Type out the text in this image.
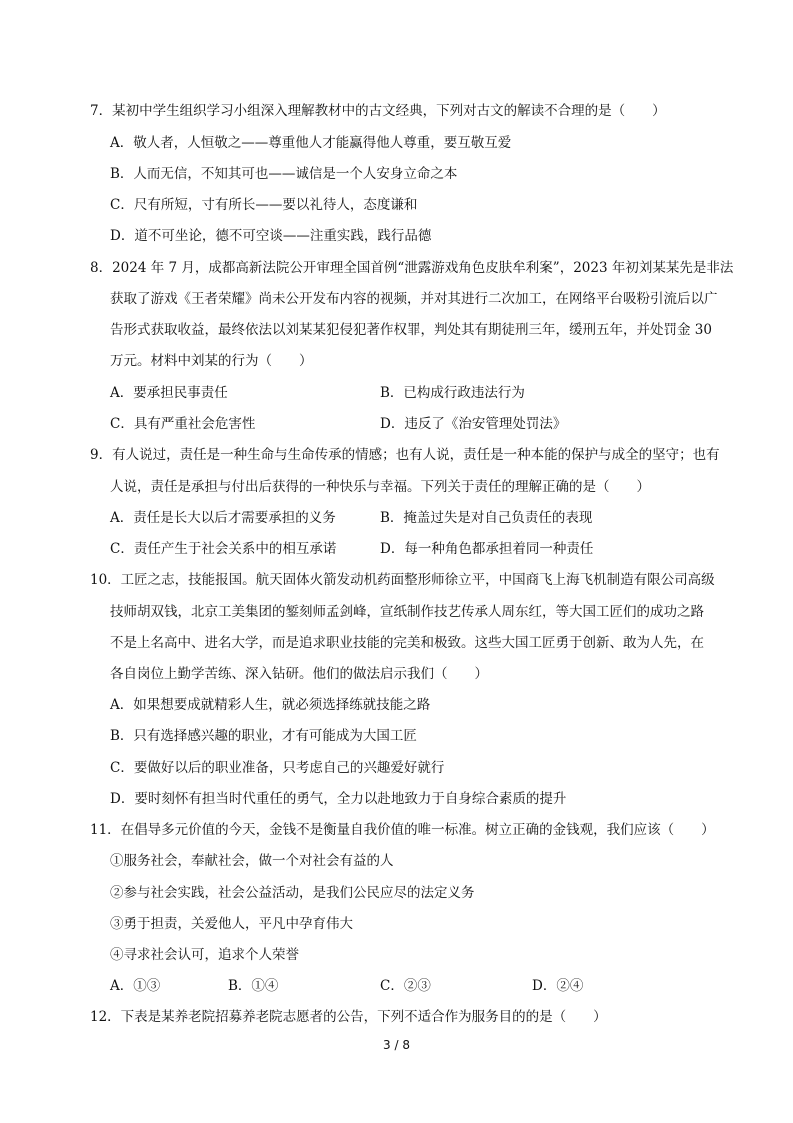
7．某初中学生组织学习小组深入理解教材中的古文经典，下列对古文的解读不合理的是（　　）
A．敬人者，人恒敬之——尊重他人才能赢得他人尊重，要互敬互爱
B．人而无信，不知其可也——诚信是一个人安身立命之本
C．尺有所短，寸有所长——要以礼待人，态度谦和
D．道不可坐论，德不可空谈——注重实践，践行品德
8．2024 年 7 月，成都高新法院公开审理全国首例“泄露游戏角色皮肤牟利案”，2023 年初刘某某先是非法
获取了游戏《王者荣耀》尚未公开发布内容的视频，并对其进行二次加工，在网络平台吸粉引流后以广
告形式获取收益，最终依法以刘某某犯侵犯著作权罪，判处其有期徒刑三年，缓刑五年，并处罚金 30
万元。材料中刘某的行为（　　）
A．要承担民事责任	B．已构成行政违法行为
C．具有严重社会危害性	D．违反了《治安管理处罚法》
9．有人说过，责任是一种生命与生命传承的情感；也有人说，责任是一种本能的保护与成全的坚守；也有
人说，责任是承担与付出后获得的一种快乐与幸福。下列关于责任的理解正确的是（　　）
A．责任是长大以后才需要承担的义务	B．掩盖过失是对自己负责任的表现
C．责任产生于社会关系中的相互承诺	D．每一种角色都承担着同一种责任
10．工匠之志，技能报国。航天固体火箭发动机药面整形师徐立平，中国商飞上海飞机制造有限公司高级
技师胡双钱，北京工美集团的錾刻师孟剑峰，宣纸制作技艺传承人周东红，等大国工匠们的成功之路
不是上名高中、进名大学，而是追求职业技能的完美和极致。这些大国工匠勇于创新、敢为人先，在
各自岗位上勤学苦练、深入钻研。他们的做法启示我们（　　）
A．如果想要成就精彩人生，就必须选择练就技能之路
B．只有选择感兴趣的职业，才有可能成为大国工匠
C．要做好以后的职业准备，只考虑自己的兴趣爱好就行
D．要时刻怀有担当时代重任的勇气，全力以赴地致力于自身综合素质的提升
11．在倡导多元价值的今天，金钱不是衡量自我价值的唯一标准。树立正确的金钱观，我们应该（　　）
①服务社会，奉献社会，做一个对社会有益的人
②参与社会实践，社会公益活动，是我们公民应尽的法定义务
③勇于担责，关爱他人，平凡中孕育伟大
④寻求社会认可，追求个人荣誉
A．①③	B．①④	C．②③	D．②④
12．下表是某养老院招募养老院志愿者的公告，下列不适合作为服务目的的是（　　）
3 / 8
